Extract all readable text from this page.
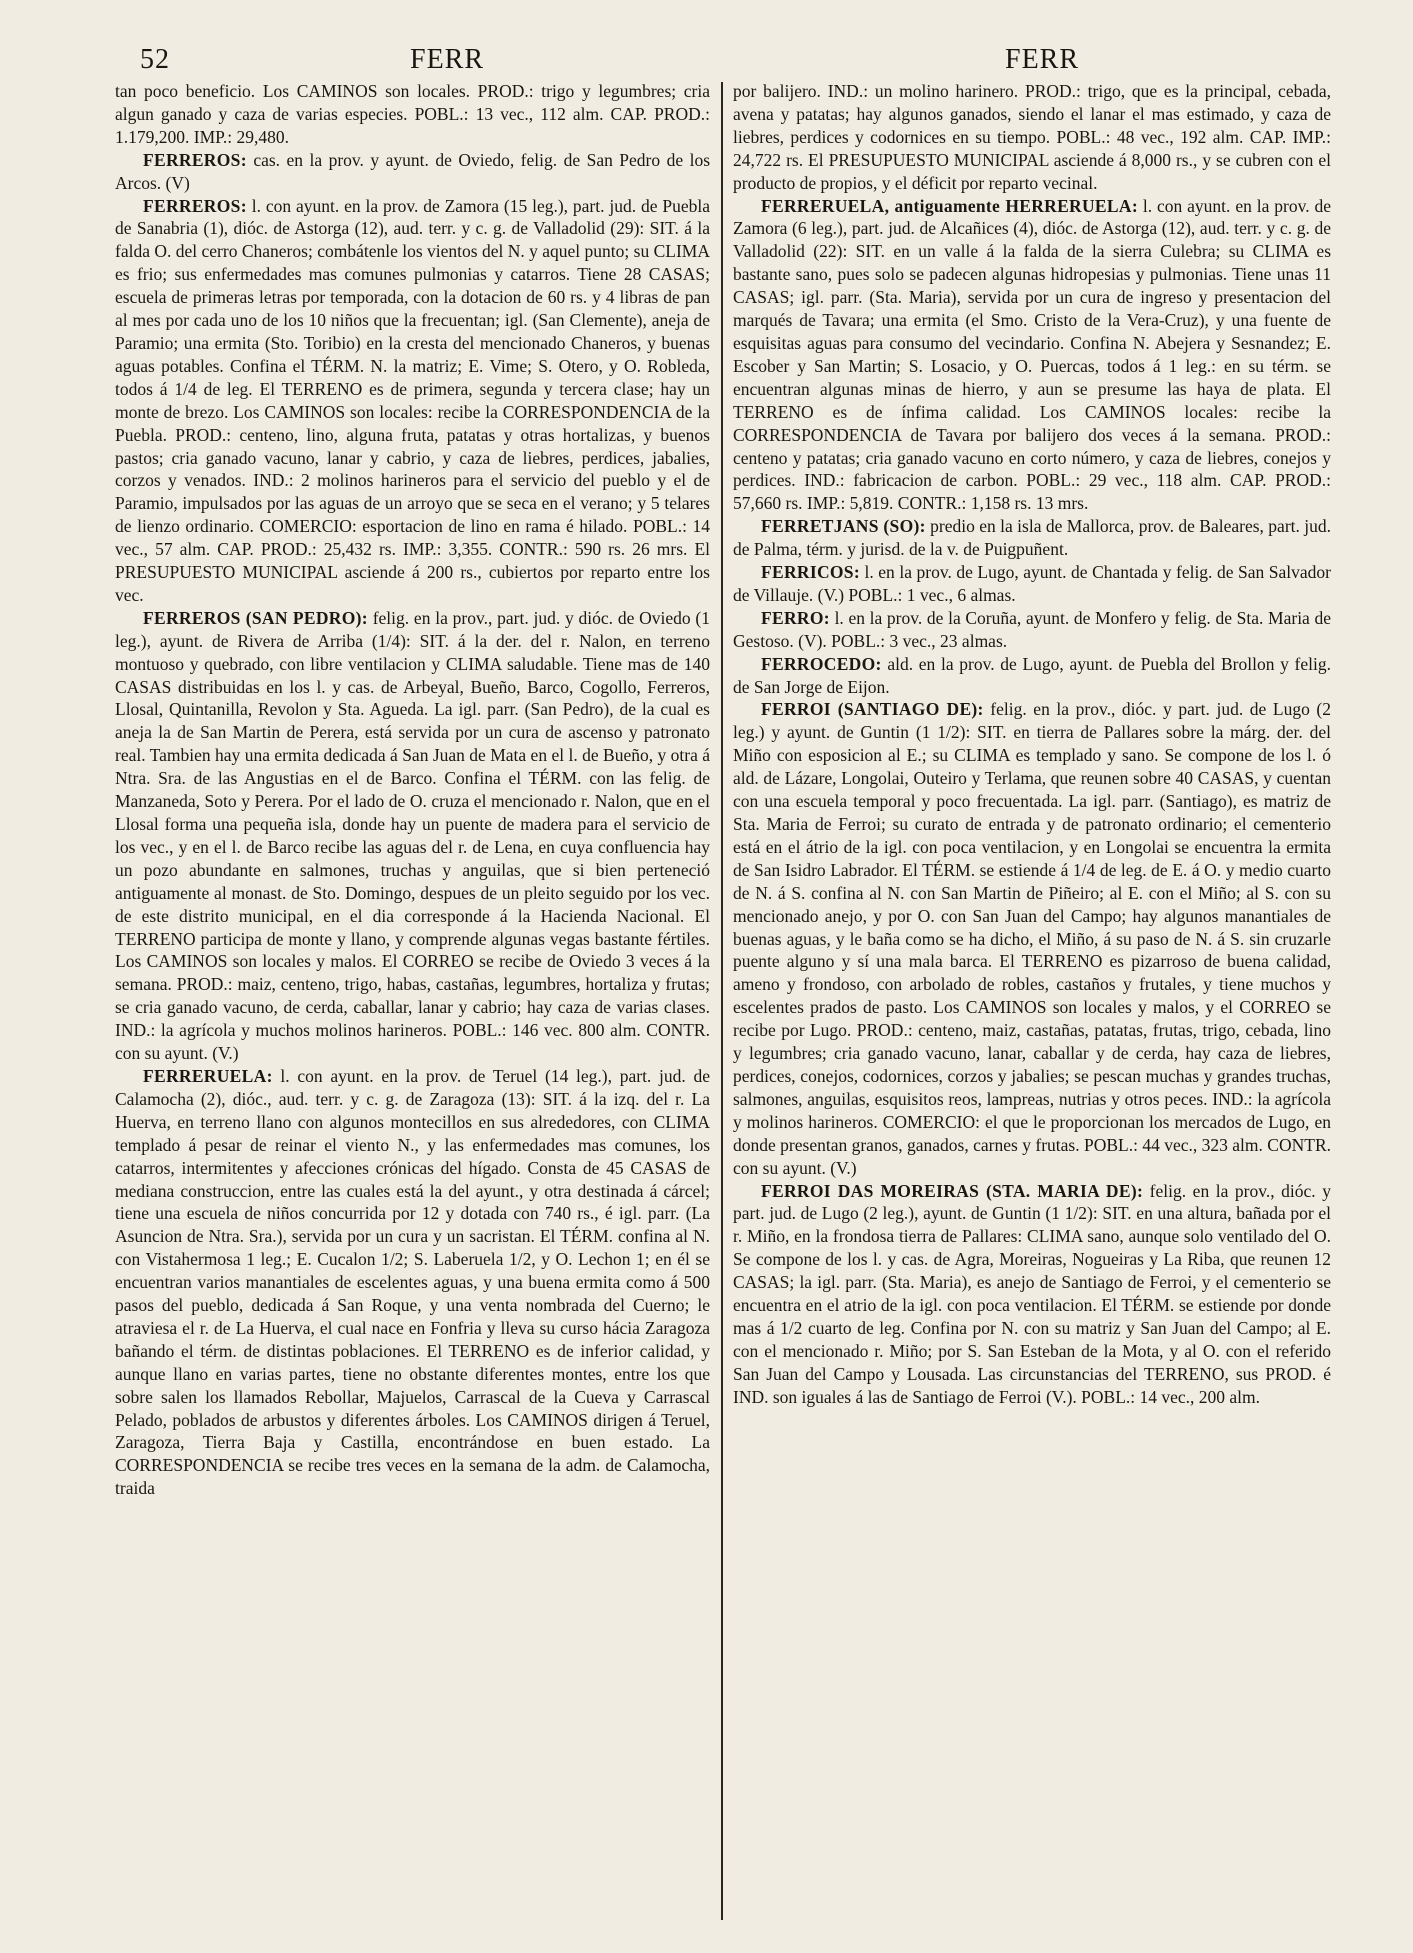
52	FERR	FERR

tan poco beneficio. Los CAMINOS son locales. PROD.: trigo y legumbres; cria algun ganado y caza de varias especies. POBL.: 13 vec., 112 alm. CAP. PROD.: 1.179,200. IMP.: 29,480.

FERREROS: cas. en la prov. y ayunt. de Oviedo, felig. de San Pedro de los Arcos. (V)

FERREROS: l. con ayunt. en la prov. de Zamora (15 leg.), part. jud. de Puebla de Sanabria (1), dióc. de Astorga (12), aud. terr. y c. g. de Valladolid (29): SIT. á la falda O. del cerro Chaneros; combátenle los vientos del N. y aquel punto; su CLIMA es frio; sus enfermedades mas comunes pulmonias y catarros. Tiene 28 CASAS; escuela de primeras letras por temporada, con la dotacion de 60 rs. y 4 libras de pan al mes por cada uno de los 10 niños que la frecuentan; igl. (San Clemente), aneja de Paramio; una ermita (Sto. Toribio) en la cresta del mencionado Chaneros, y buenas aguas potables. Confina el TÉRM. N. la matriz; E. Vime; S. Otero, y O. Robleda, todos á 1/4 de leg. El TERRENO es de primera, segunda y tercera clase; hay un monte de brezo. Los CAMINOS son locales: recibe la CORRESPONDENCIA de la Puebla. PROD.: centeno, lino, alguna fruta, patatas y otras hortalizas, y buenos pastos; cria ganado vacuno, lanar y cabrio, y caza de liebres, perdices, jabalies, corzos y venados. IND.: 2 molinos harineros para el servicio del pueblo y el de Paramio, impulsados por las aguas de un arroyo que se seca en el verano; y 5 telares de lienzo ordinario. COMERCIO: esportacion de lino en rama é hilado. POBL.: 14 vec., 57 alm. CAP. PROD.: 25,432 rs. IMP.: 3,355. CONTR.: 590 rs. 26 mrs. El PRESUPUESTO MUNICIPAL asciende á 200 rs., cubiertos por reparto entre los vec.

FERREROS (SAN PEDRO): felig. en la prov., part. jud. y dióc. de Oviedo (1 leg.), ayunt. de Rivera de Arriba (1/4): SIT. á la der. del r. Nalon, en terreno montuoso y quebrado, con libre ventilacion y CLIMA saludable. Tiene mas de 140 CASAS distribuidas en los l. y cas. de Arbeyal, Bueño, Barco, Cogollo, Ferreros, Llosal, Quintanilla, Revolon y Sta. Agueda. La igl. parr. (San Pedro), de la cual es aneja la de San Martin de Perera, está servida por un cura de ascenso y patronato real. Tambien hay una ermita dedicada á San Juan de Mata en el l. de Bueño, y otra á Ntra. Sra. de las Angustias en el de Barco. Confina el TÉRM. con las felig. de Manzaneda, Soto y Perera. Por el lado de O. cruza el mencionado r. Nalon, que en el Llosal forma una pequeña isla, donde hay un puente de madera para el servicio de los vec., y en el l. de Barco recibe las aguas del r. de Lena, en cuya confluencia hay un pozo abundante en salmones, truchas y anguilas, que si bien perteneció antiguamente al monast. de Sto. Domingo, despues de un pleito seguido por los vec. de este distrito municipal, en el dia corresponde á la Hacienda Nacional. El TERRENO participa de monte y llano, y comprende algunas vegas bastante fértiles. Los CAMINOS son locales y malos. El CORREO se recibe de Oviedo 3 veces á la semana. PROD.: maiz, centeno, trigo, habas, castañas, legumbres, hortaliza y frutas; se cria ganado vacuno, de cerda, caballar, lanar y cabrio; hay caza de varias clases. IND.: la agrícola y muchos molinos harineros. POBL.: 146 vec. 800 alm. CONTR. con su ayunt. (V.)

FERRERUELA: l. con ayunt. en la prov. de Teruel (14 leg.), part. jud. de Calamocha (2), dióc., aud. terr. y c. g. de Zaragoza (13): SIT. á la izq. del r. La Huerva, en terreno llano con algunos montecillos en sus alrededores, con CLIMA templado á pesar de reinar el viento N., y las enfermedades mas comunes, los catarros, intermitentes y afecciones crónicas del hígado. Consta de 45 CASAS de mediana construccion, entre las cuales está la del ayunt., y otra destinada á cárcel; tiene una escuela de niños concurrida por 12 y dotada con 740 rs., é igl. parr. (La Asuncion de Ntra. Sra.), servida por un cura y un sacristan. El TÉRM. confina al N. con Vistahermosa 1 leg.; E. Cucalon 1/2; S. Laberuela 1/2, y O. Lechon 1; en él se encuentran varios manantiales de escelentes aguas, y una buena ermita como á 500 pasos del pueblo, dedicada á San Roque, y una venta nombrada del Cuerno; le atraviesa el r. de La Huerva, el cual nace en Fonfria y lleva su curso hácia Zaragoza bañando el térm. de distintas poblaciones. El TERRENO es de inferior calidad, y aunque llano en varias partes, tiene no obstante diferentes montes, entre los que sobre salen los llamados Rebollar, Majuelos, Carrascal de la Cueva y Carrascal Pelado, poblados de arbustos y diferentes árboles. Los CAMINOS dirigen á Teruel, Zaragoza, Tierra Baja y Castilla, encontrándose en buen estado. La CORRESPONDENCIA se recibe tres veces en la semana de la adm. de Calamocha, traida

por balijero. IND.: un molino harinero. PROD.: trigo, que es la principal, cebada, avena y patatas; hay algunos ganados, siendo el lanar el mas estimado, y caza de liebres, perdices y codornices en su tiempo. POBL.: 48 vec., 192 alm. CAP. IMP.: 24,722 rs. El PRESUPUESTO MUNICIPAL asciende á 8,000 rs., y se cubren con el producto de propios, y el déficit por reparto vecinal.

FERRERUELA, antiguamente HERRERUELA: l. con ayunt. en la prov. de Zamora (6 leg.), part. jud. de Alcañices (4), dióc. de Astorga (12), aud. terr. y c. g. de Valladolid (22): SIT. en un valle á la falda de la sierra Culebra; su CLIMA es bastante sano, pues solo se padecen algunas hidropesias y pulmonias. Tiene unas 11 CASAS; igl. parr. (Sta. Maria), servida por un cura de ingreso y presentacion del marqués de Tavara; una ermita (el Smo. Cristo de la Vera-Cruz), y una fuente de esquisitas aguas para consumo del vecindario. Confina N. Abejera y Sesnandez; E. Escober y San Martin; S. Losacio, y O. Puercas, todos á 1 leg.: en su térm. se encuentran algunas minas de hierro, y aun se presume las haya de plata. El TERRENO es de ínfima calidad. Los CAMINOS locales: recibe la CORRESPONDENCIA de Tavara por balijero dos veces á la semana. PROD.: centeno y patatas; cria ganado vacuno en corto número, y caza de liebres, conejos y perdices. IND.: fabricacion de carbon. POBL.: 29 vec., 118 alm. CAP. PROD.: 57,660 rs. IMP.: 5,819. CONTR.: 1,158 rs. 13 mrs.

FERRETJANS (SO): predio en la isla de Mallorca, prov. de Baleares, part. jud. de Palma, térm. y jurisd. de la v. de Puigpuñent.

FERRICOS: l. en la prov. de Lugo, ayunt. de Chantada y felig. de San Salvador de Villauje. (V.) POBL.: 1 vec., 6 almas.

FERRO: l. en la prov. de la Coruña, ayunt. de Monfero y felig. de Sta. Maria de Gestoso. (V). POBL.: 3 vec., 23 almas.

FERROCEDO: ald. en la prov. de Lugo, ayunt. de Puebla del Brollon y felig. de San Jorge de Eijon.

FERROI (SANTIAGO DE): felig. en la prov., dióc. y part. jud. de Lugo (2 leg.) y ayunt. de Guntin (1 1/2): SIT. en tierra de Pallares sobre la márg. der. del Miño con esposicion al E.; su CLIMA es templado y sano. Se compone de los l. ó ald. de Lázare, Longolai, Outeiro y Terlama, que reunen sobre 40 CASAS, y cuentan con una escuela temporal y poco frecuentada. La igl. parr. (Santiago), es matriz de Sta. Maria de Ferroi; su curato de entrada y de patronato ordinario; el cementerio está en el átrio de la igl. con poca ventilacion, y en Longolai se encuentra la ermita de San Isidro Labrador. El TÉRM. se estiende á 1/4 de leg. de E. á O. y medio cuarto de N. á S. confina al N. con San Martin de Piñeiro; al E. con el Miño; al S. con su mencionado anejo, y por O. con San Juan del Campo; hay algunos manantiales de buenas aguas, y le baña como se ha dicho, el Miño, á su paso de N. á S. sin cruzarle puente alguno y sí una mala barca. El TERRENO es pizarroso de buena calidad, ameno y frondoso, con arbolado de robles, castaños y frutales, y tiene muchos y escelentes prados de pasto. Los CAMINOS son locales y malos, y el CORREO se recibe por Lugo. PROD.: centeno, maiz, castañas, patatas, frutas, trigo, cebada, lino y legumbres; cria ganado vacuno, lanar, caballar y de cerda, hay caza de liebres, perdices, conejos, codornices, corzos y jabalies; se pescan muchas y grandes truchas, salmones, anguilas, esquisitos reos, lampreas, nutrias y otros peces. IND.: la agrícola y molinos harineros. COMERCIO: el que le proporcionan los mercados de Lugo, en donde presentan granos, ganados, carnes y frutas. POBL.: 44 vec., 323 alm. CONTR. con su ayunt. (V.)

FERROI DAS MOREIRAS (STA. MARIA DE): felig. en la prov., dióc. y part. jud. de Lugo (2 leg.), ayunt. de Guntin (1 1/2): SIT. en una altura, bañada por el r. Miño, en la frondosa tierra de Pallares: CLIMA sano, aunque solo ventilado del O. Se compone de los l. y cas. de Agra, Moreiras, Nogueiras y La Riba, que reunen 12 CASAS; la igl. parr. (Sta. Maria), es anejo de Santiago de Ferroi, y el cementerio se encuentra en el atrio de la igl. con poca ventilacion. El TÉRM. se estiende por donde mas á 1/2 cuarto de leg. Confina por N. con su matriz y San Juan del Campo; al E. con el mencionado r. Miño; por S. San Esteban de la Mota, y al O. con el referido San Juan del Campo y Lousada. Las circunstancias del TERRENO, sus PROD. é IND. son iguales á las de Santiago de Ferroi (V.). POBL.: 14 vec., 200 alm.
